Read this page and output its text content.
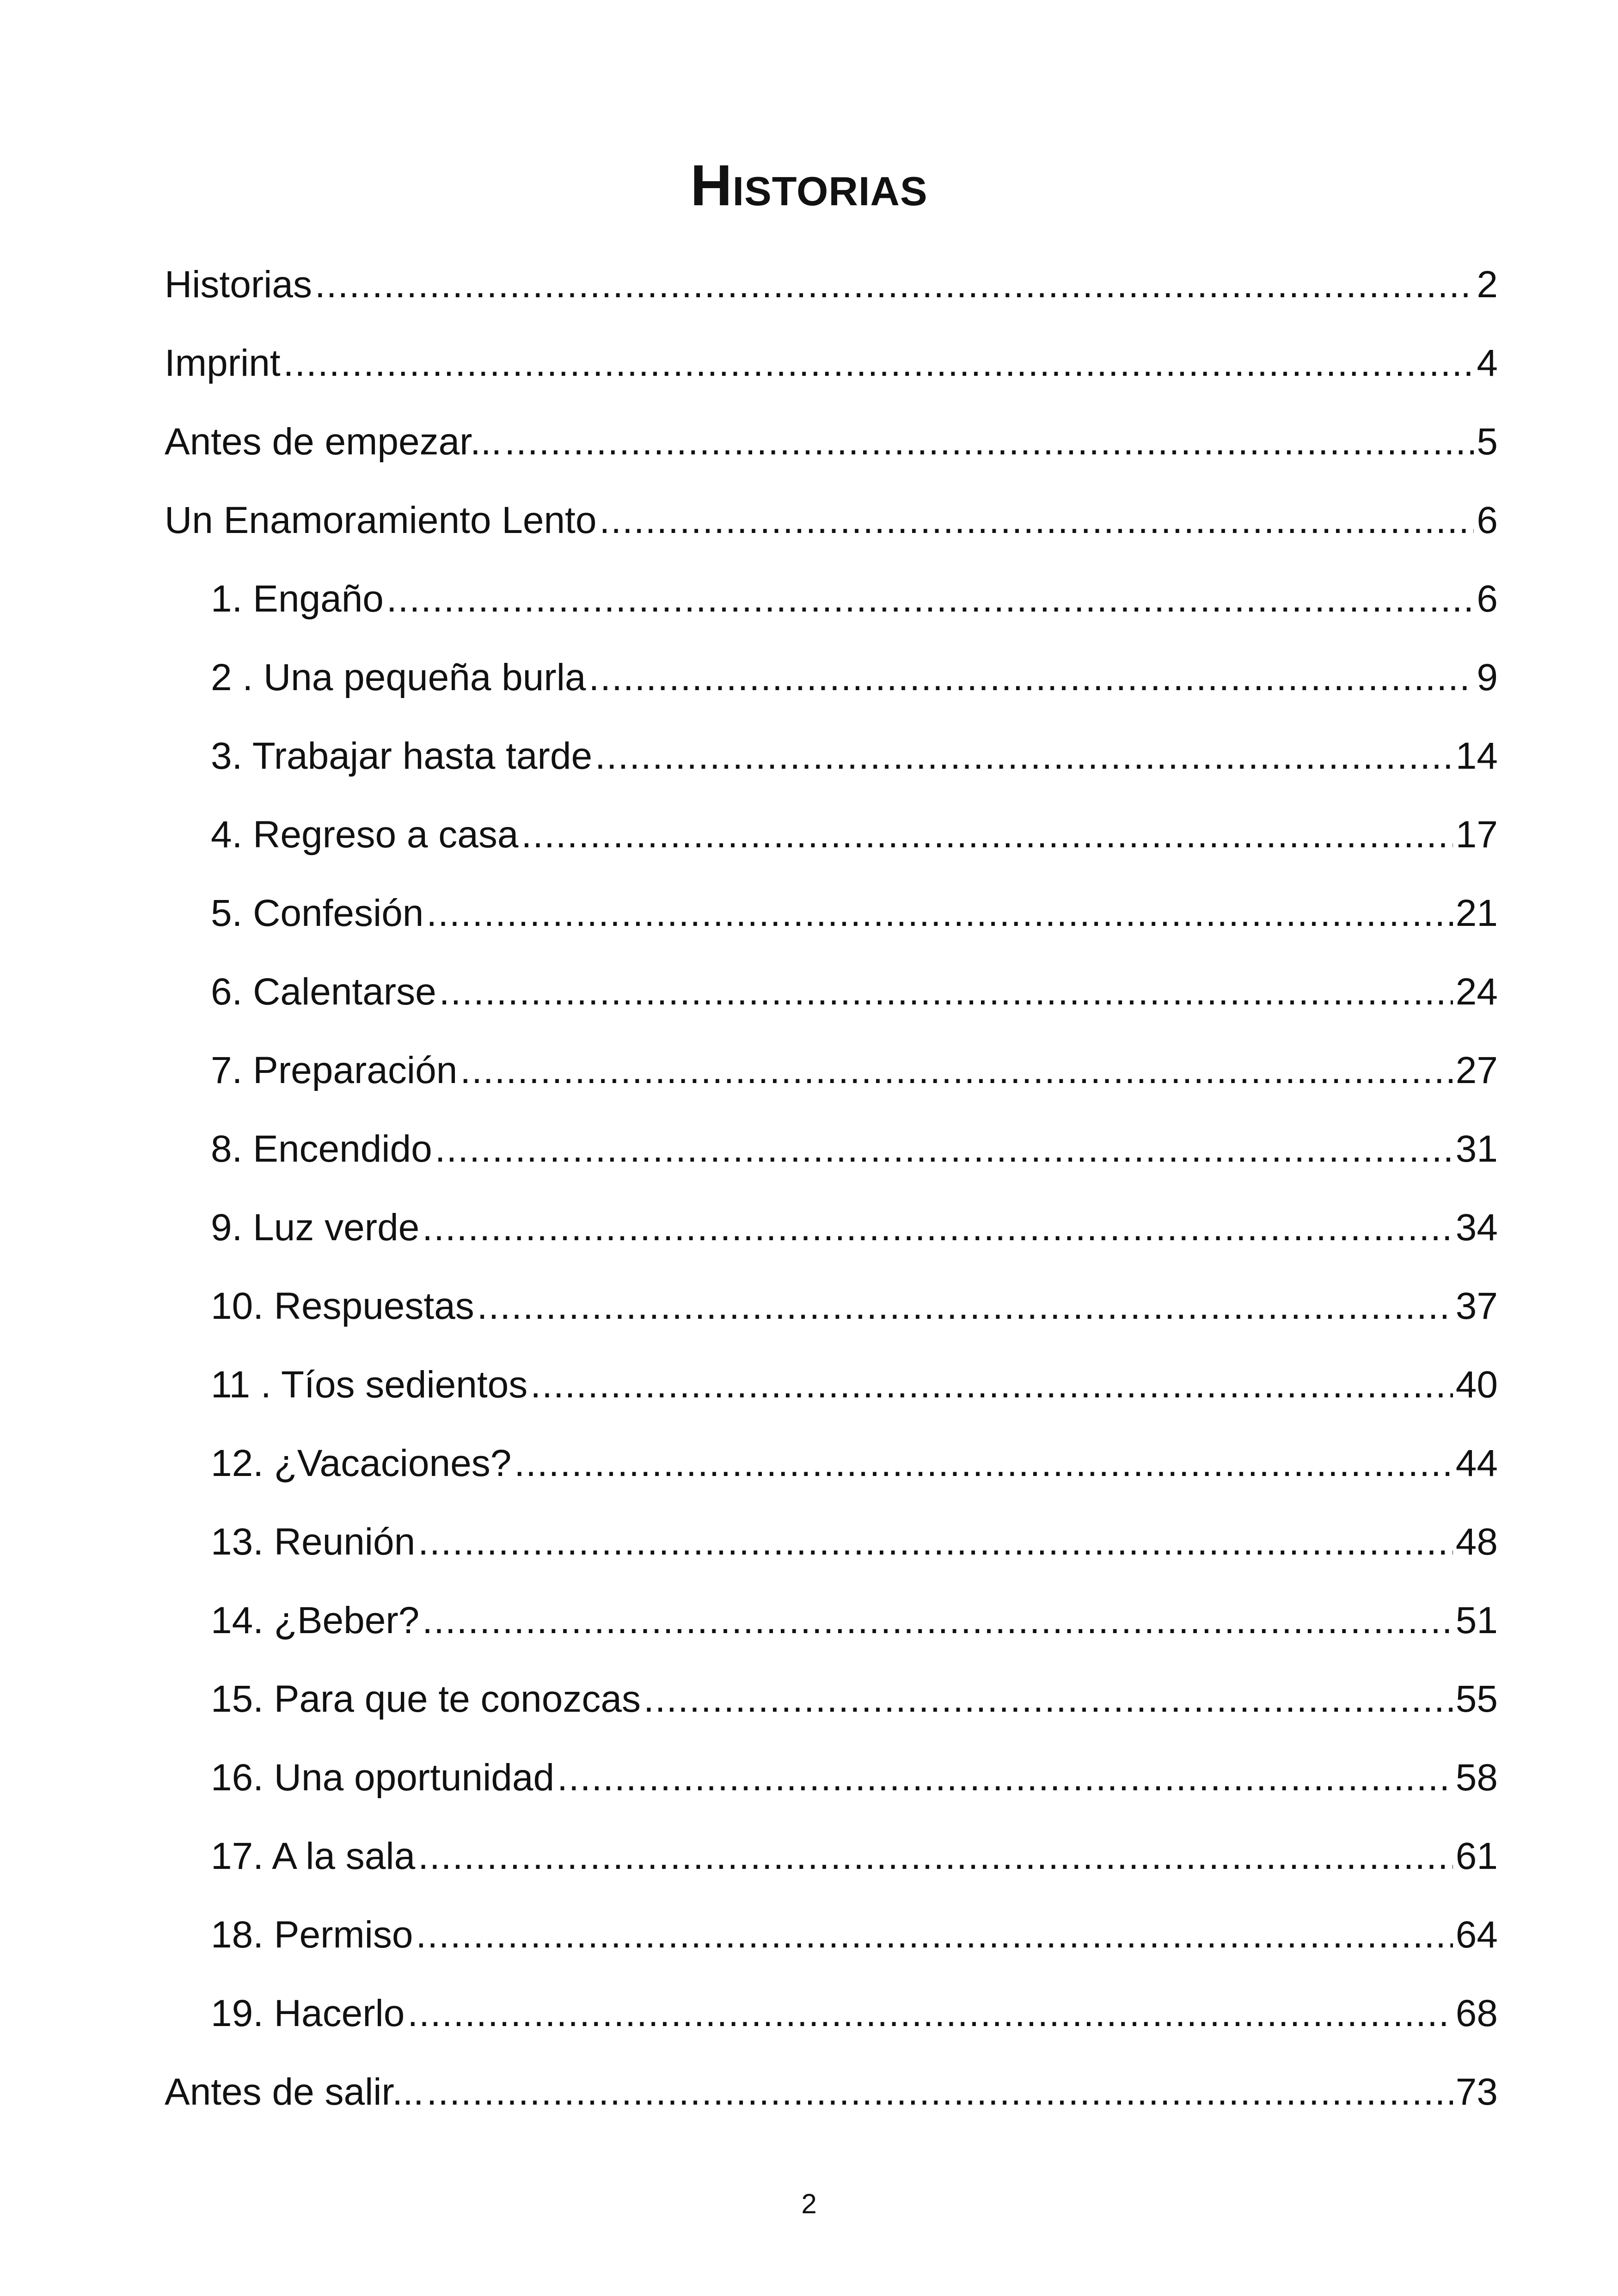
Historias
Historias .....	2
Imprint .....	4
Antes de empezar... .....	5
Un Enamoramiento Lento .....	6
1. Engaño .....	6
2 . Una pequeña burla .....	9
3. Trabajar hasta tarde .....	14
4. Regreso a casa .....	17
5. Confesión .....	21
6. Calentarse .....	24
7. Preparación .....	27
8. Encendido .....	31
9. Luz verde .....	34
10. Respuestas .....	37
11 . Tíos sedientos .....	40
12. ¿Vacaciones? .....	44
13. Reunión .....	48
14. ¿Beber? .....	51
15. Para que te conozcas .....	55
16. Una oportunidad .....	58
17. A la sala .....	61
18. Permiso .....	64
19. Hacerlo .....	68
Antes de salir... .....	73
2
